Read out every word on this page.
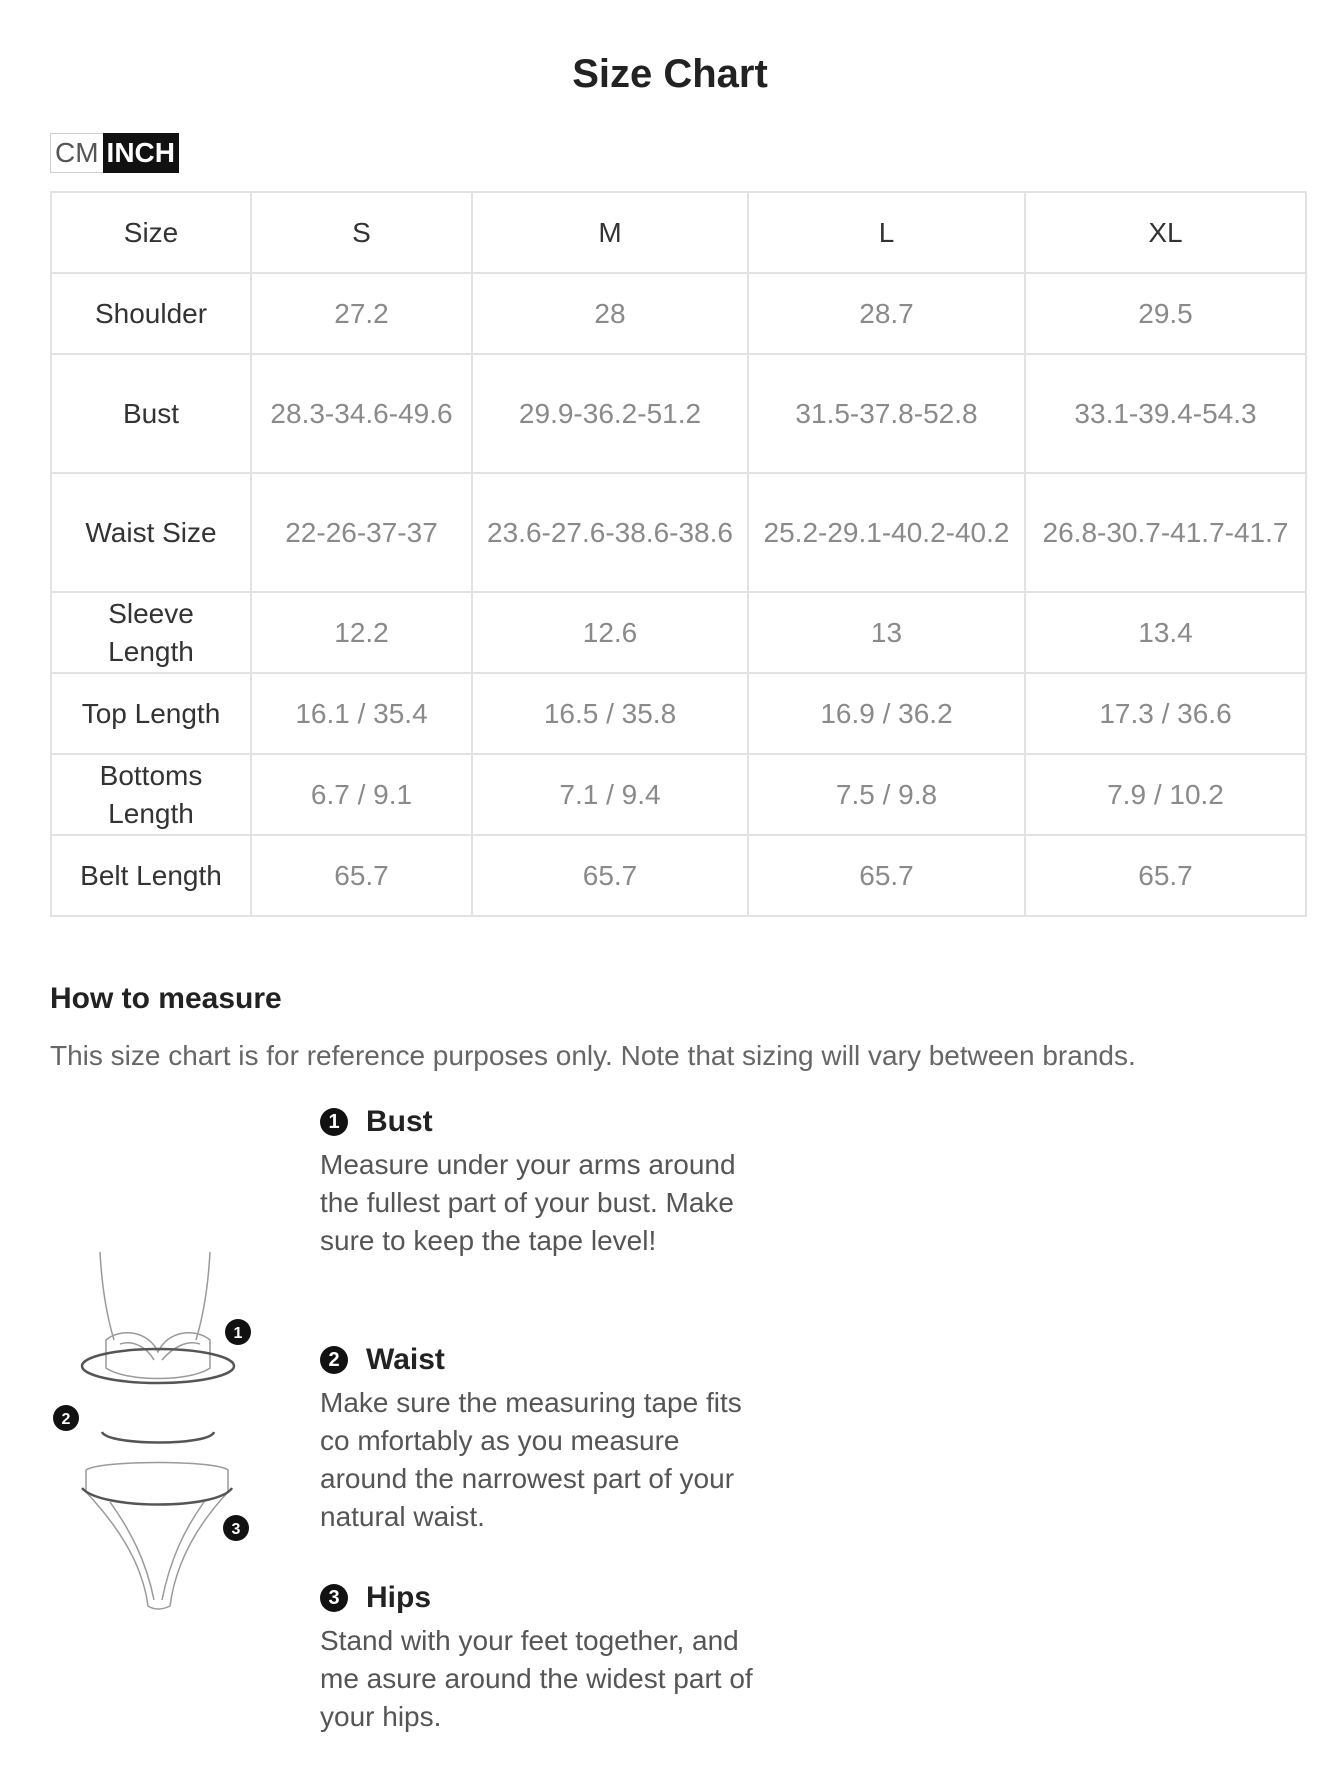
Size Chart
CM INCH
Size	S	M	L	XL
Shoulder	27.2	28	28.7	29.5
Bust	28.3-34.6-49.6	29.9-36.2-51.2	31.5-37.8-52.8	33.1-39.4-54.3
Waist Size	22-26-37-37	23.6-27.6-38.6-38.6	25.2-29.1-40.2-40.2	26.8-30.7-41.7-41.7
Sleeve Length	12.2	12.6	13	13.4
Top Length	16.1 / 35.4	16.5 / 35.8	16.9 / 36.2	17.3 / 36.6
Bottoms Length	6.7 / 9.1	7.1 / 9.4	7.5 / 9.8	7.9 / 10.2
Belt Length	65.7	65.7	65.7	65.7
How to measure
This size chart is for reference purposes only. Note that sizing will vary between brands.
1
2
3
1 Bust
Measure under your arms around the fullest part of your bust. Make sure to keep the tape level!
2 Waist
Make sure the measuring tape fits co mfortably as you measure around the narrowest part of your natural waist.
3 Hips
Stand with your feet together, and me asure around the widest part of your hips.
